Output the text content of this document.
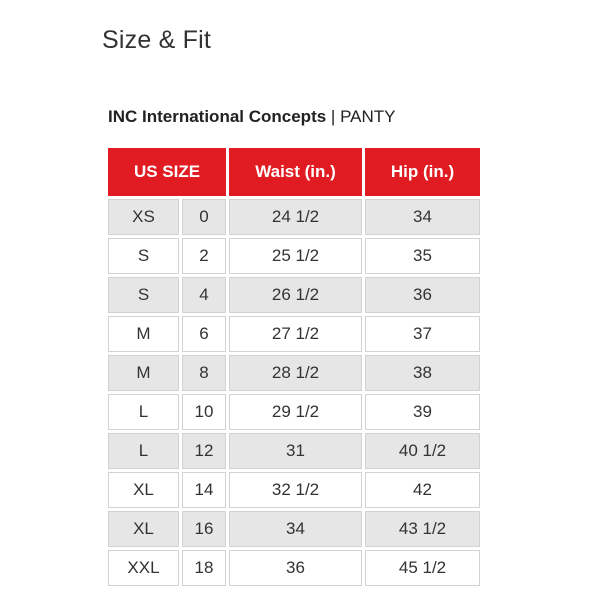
Size & Fit
INC International Concepts | PANTY
US SIZE		Waist (in.)	Hip (in.)
XS	0	24 1/2	34
S	2	25 1/2	35
S	4	26 1/2	36
M	6	27 1/2	37
M	8	28 1/2	38
L	10	29 1/2	39
L	12	31	40 1/2
XL	14	32 1/2	42
XL	16	34	43 1/2
XXL	18	36	45 1/2
